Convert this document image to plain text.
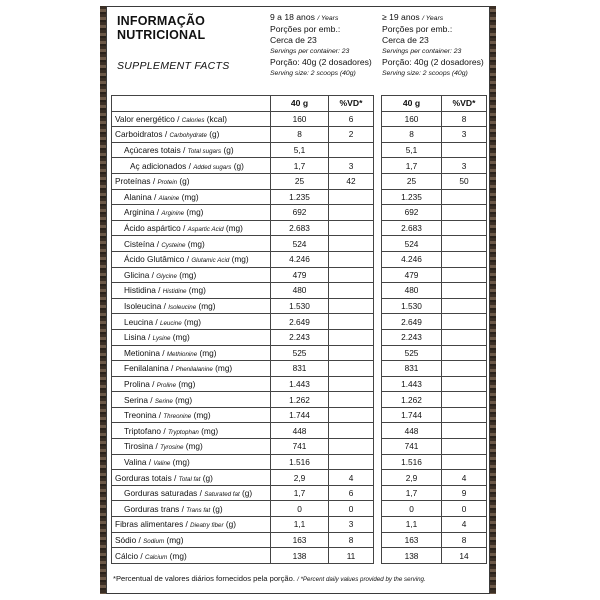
INFORMAÇÃO
NUTRICIONAL
SUPPLEMENT FACTS
9 a 18 anos / Years
Porções por emb.:
Cerca de 23
Servings per container: 23
Porção: 40g (2 dosadores)
Serving size: 2 scoops (40g)
≥ 19 anos / Years
Porções por emb.:
Cerca de 23
Servings per container: 23
Porção: 40g (2 dosadores)
Serving size: 2 scoops (40g)
	40 g	%VD*		40 g	%VD*
Valor energético / Calories (kcal)	160	6		160	8
Carboidratos / Carbohydrate (g)	8	2		8	3
Açúcares totais / Total sugars (g)	5,1			5,1	
Aç adicionados / Added sugars (g)	1,7	3		1,7	3
Proteínas / Protein (g)	25	42		25	50
Alanina / Alanine (mg)	1.235			1.235	
Arginina / Arginine (mg)	692			692	
Ácido aspártico / Aspartic Acid (mg)	2.683			2.683	
Cisteína / Cysteine (mg)	524			524	
Ácido Glutâmico / Glutamic Acid (mg)	4.246			4.246	
Glicina / Glycine (mg)	479			479	
Histidina / Histidine (mg)	480			480	
Isoleucina / Isoleucine (mg)	1.530			1.530	
Leucina / Leucine (mg)	2.649			2.649	
Lisina / Lysine (mg)	2.243			2.243	
Metionina / Methionine (mg)	525			525	
Fenilalanina / Phenilalanine (mg)	831			831	
Prolina / Proline (mg)	1.443			1.443	
Serina / Serine (mg)	1.262			1.262	
Treonina / Threonine (mg)	1.744			1.744	
Triptofano / Tryptophan (mg)	448			448	
Tirosina / Tyrosine (mg)	741			741	
Valina / Valine (mg)	1.516			1.516	
Gorduras totais / Total fat (g)	2,9	4		2,9	4
Gorduras saturadas / Saturated fat (g)	1,7	6		1,7	9
Gorduras trans / Trans fat (g)	0	0		0	0
Fibras alimentares / Dieatry fiber (g)	1,1	3		1,1	4
Sódio / Sodium (mg)	163	8		163	8
Cálcio / Calcium (mg)	138	11		138	14
*Percentual de valores diários fornecidos pela porção. / *Percent daily values provided by the serving.
